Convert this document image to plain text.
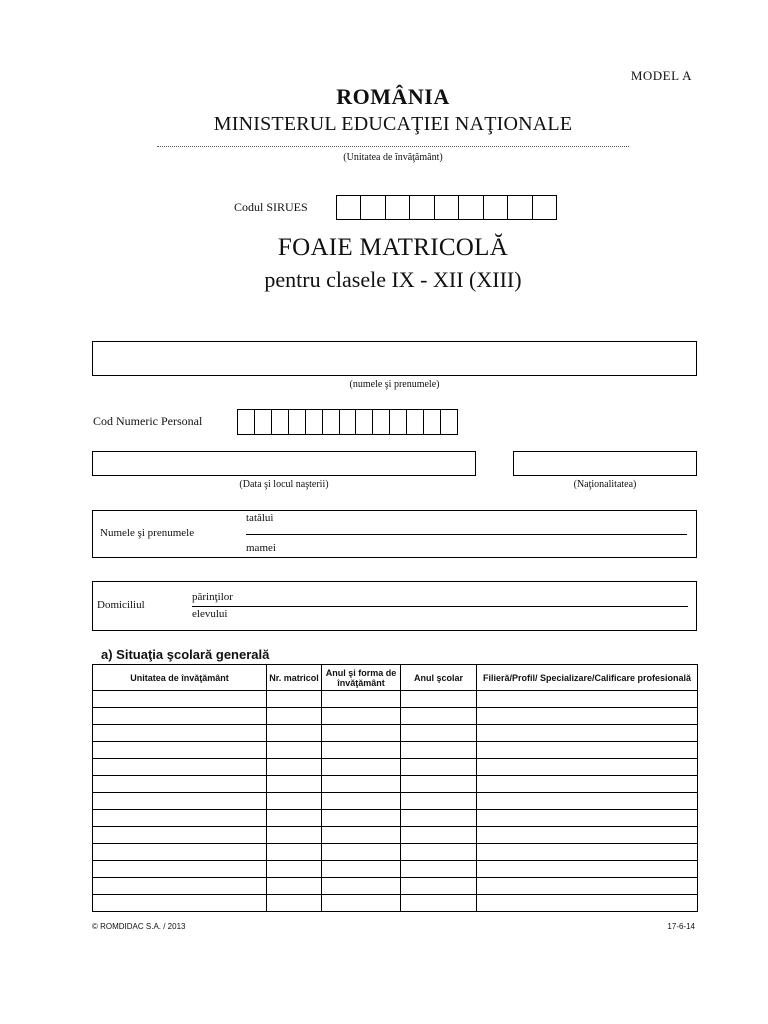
MODEL A
ROMÂNIA
MINISTERUL EDUCAŢIEI NAŢIONALE
(Unitatea de învăţământ)
Codul SIRUES
FOAIE MATRICOLĂ
pentru clasele IX - XII (XIII)
(numele şi prenumele)
Cod Numeric Personal
(Data şi locul naşterii)	(Naţionalitatea)
Numele şi prenumele
tatălui
mamei
Domiciliul
părinţilor
elevului
a) Situaţia şcolară generală
Unitatea de învăţământ	Nr. matricol	Anul şi forma de învăţământ	Anul şcolar	Filieră/Profil/ Specializare/Calificare profesională

© ROMDIDAC S.A. / 2013	17-6-14
